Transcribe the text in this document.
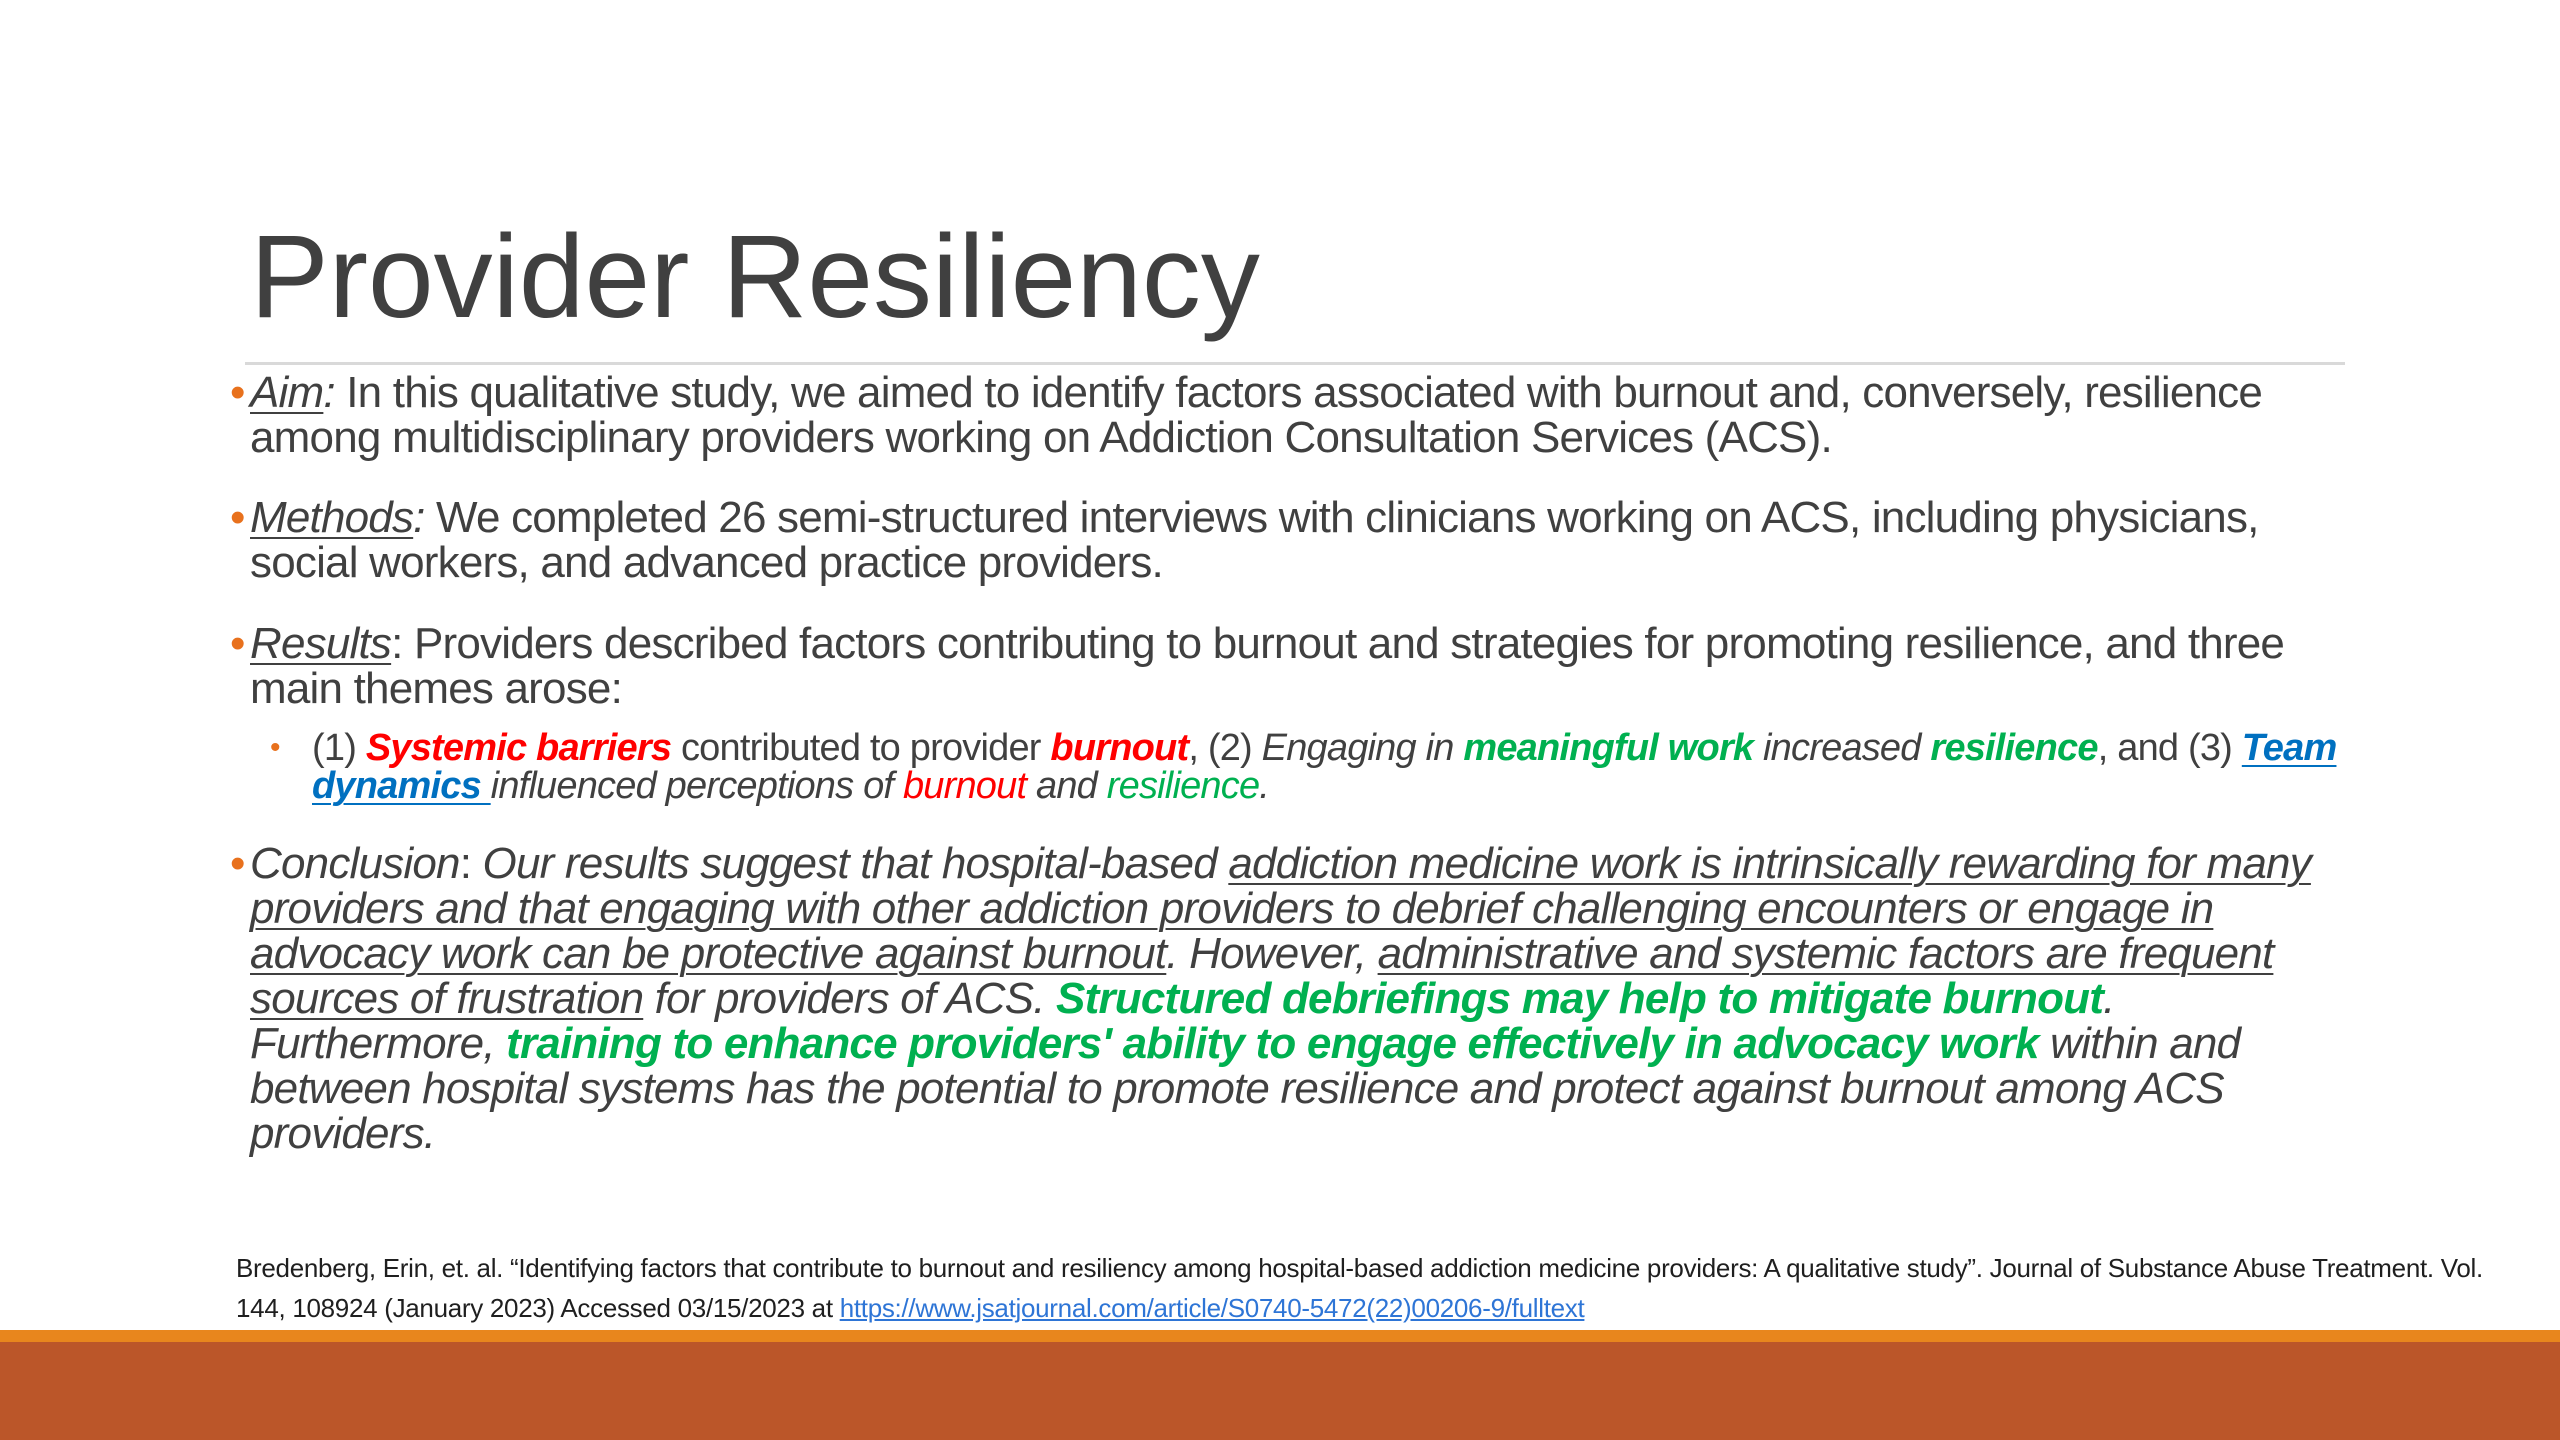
Provider Resiliency
• Aim: In this qualitative study, we aimed to identify factors associated with burnout and, conversely, resilience among multidisciplinary providers working on Addiction Consultation Services (ACS).
• Methods: We completed 26 semi-structured interviews with clinicians working on ACS, including physicians, social workers, and advanced practice providers.
• Results: Providers described factors contributing to burnout and strategies for promoting resilience, and three main themes arose:
• (1) Systemic barriers contributed to provider burnout, (2) Engaging in meaningful work increased resilience, and (3) Team dynamics influenced perceptions of burnout and resilience.
• Conclusion: Our results suggest that hospital-based addiction medicine work is intrinsically rewarding for many providers and that engaging with other addiction providers to debrief challenging encounters or engage in advocacy work can be protective against burnout. However, administrative and systemic factors are frequent sources of frustration for providers of ACS. Structured debriefings may help to mitigate burnout. Furthermore, training to enhance providers' ability to engage effectively in advocacy work within and between hospital systems has the potential to promote resilience and protect against burnout among ACS providers.
Bredenberg, Erin, et. al. “Identifying factors that contribute to burnout and resiliency among hospital-based addiction medicine providers: A qualitative study”. Journal of Substance Abuse Treatment. Vol. 144, 108924 (January 2023) Accessed 03/15/2023 at https://www.jsatjournal.com/article/S0740-5472(22)00206-9/fulltext
